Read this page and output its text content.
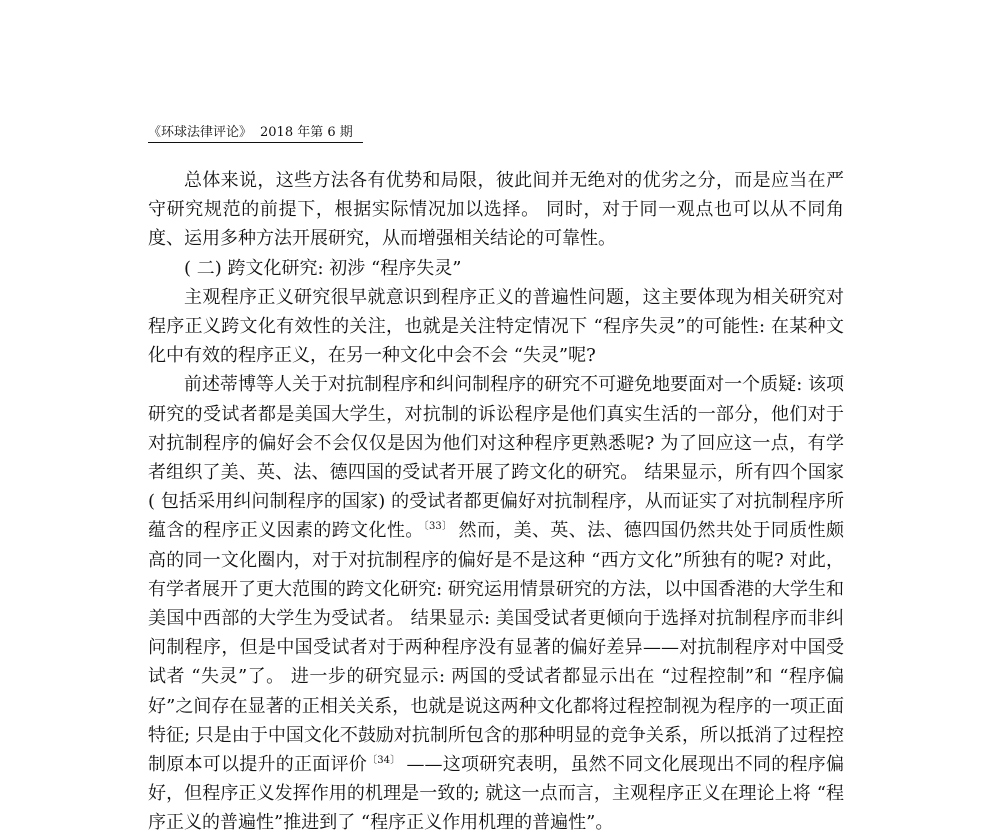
《环球法律评论》 2018 年第 6 期

总体来说，这些方法各有优势和局限，彼此间并无绝对的优劣之分，而是应当在严守研究规范的前提下，根据实际情况加以选择。 同时，对于同一观点也可以从不同角度、运用多种方法开展研究，从而增强相关结论的可靠性。

( 二) 跨文化研究: 初涉 “程序失灵”

主观程序正义研究很早就意识到程序正义的普遍性问题，这主要体现为相关研究对程序正义跨文化有效性的关注，也就是关注特定情况下 “程序失灵”的可能性: 在某种文化中有效的程序正义，在另一种文化中会不会 “失灵”呢?

前述蒂博等人关于对抗制程序和纠问制程序的研究不可避免地要面对一个质疑: 该项研究的受试者都是美国大学生，对抗制的诉讼程序是他们真实生活的一部分，他们对于对抗制程序的偏好会不会仅仅是因为他们对这种程序更熟悉呢? 为了回应这一点，有学者组织了美、英、法、德四国的受试者开展了跨文化的研究。 结果显示，所有四个国家( 包括采用纠问制程序的国家) 的受试者都更偏好对抗制程序，从而证实了对抗制程序所蕴含的程序正义因素的跨文化性。$^{〔33〕}$ 然而，美、英、法、德四国仍然共处于同质性颇高的同一文化圈内，对于对抗制程序的偏好是不是这种 “西方文化”所独有的呢? 对此，有学者展开了更大范围的跨文化研究: 研究运用情景研究的方法，以中国香港的大学生和美国中西部的大学生为受试者。 结果显示: 美国受试者更倾向于选择对抗制程序而非纠问制程序，但是中国受试者对于两种程序没有显著的偏好差异——对抗制程序对中国受试者 “失灵”了。 进一步的研究显示: 两国的受试者都显示出在 “过程控制”和 “程序偏好”之间存在显著的正相关关系，也就是说这两种文化都将过程控制视为程序的一项正面特征; 只是由于中国文化不鼓励对抗制所包含的那种明显的竞争关系，所以抵消了过程控制原本可以提升的正面评价$^{〔34〕}$ ——这项研究表明，虽然不同文化展现出不同的程序偏好，但程序正义发挥作用的机理是一致的; 就这一点而言，主观程序正义在理论上将 “程序正义的普遍性”推进到了 “程序正义作用机理的普遍性”。
